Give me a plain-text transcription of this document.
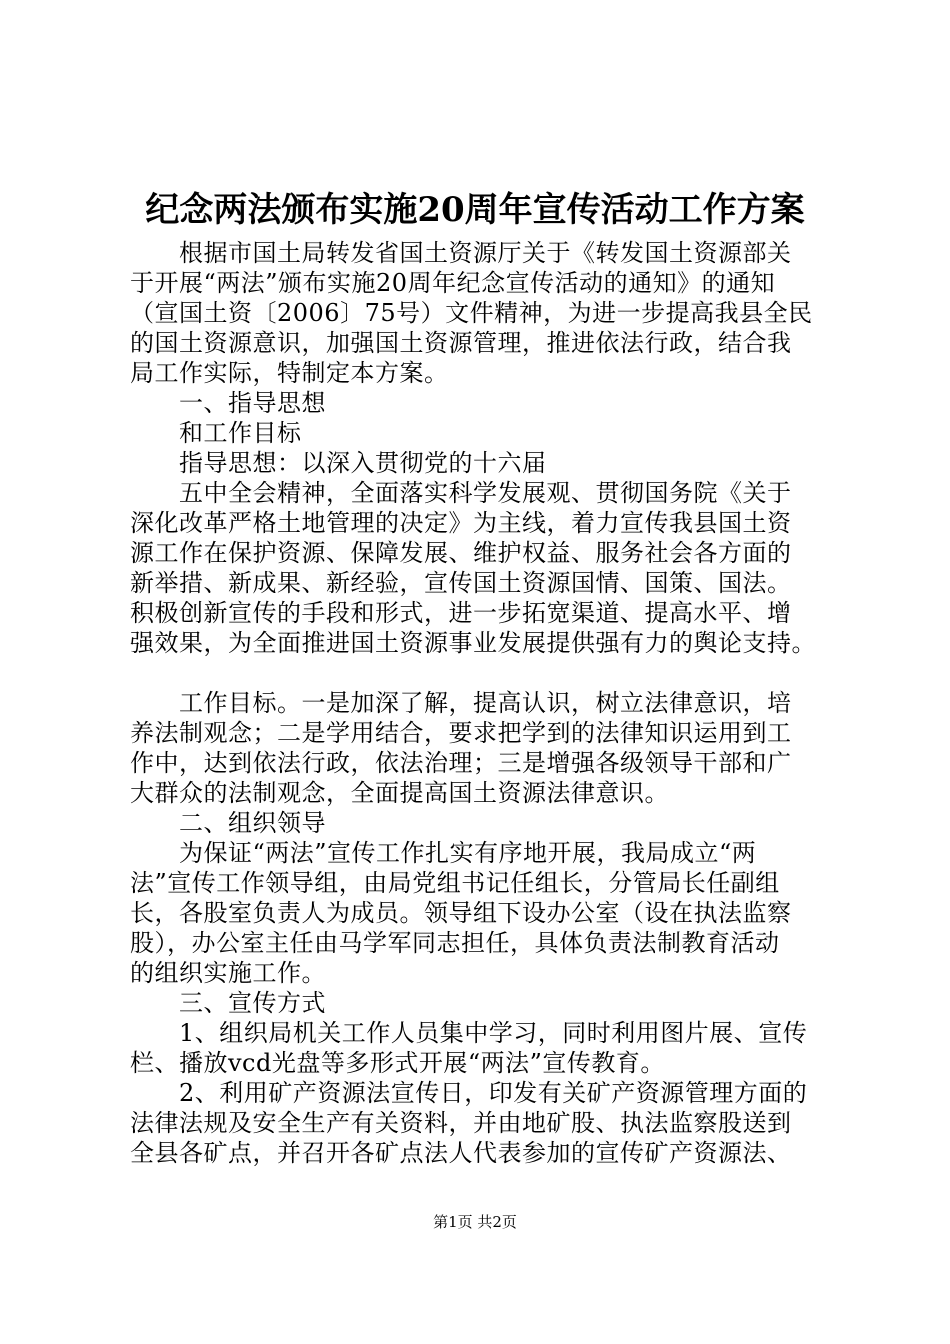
纪念两法颁布实施20周年宣传活动工作方案
　　根据市国土局转发省国土资源厅关于《转发国土资源部关
于开展“两法”颁布实施20周年纪念宣传活动的通知》的通知
（宣国土资〔2006〕75号）文件精神，为进一步提高我县全民
的国土资源意识，加强国土资源管理，推进依法行政，结合我
局工作实际，特制定本方案。
　　一、指导思想
　　和工作目标
　　指导思想：以深入贯彻党的十六届
　　五中全会精神，全面落实科学发展观、贯彻国务院《关于
深化改革严格土地管理的决定》为主线，着力宣传我县国土资
源工作在保护资源、保障发展、维护权益、服务社会各方面的
新举措、新成果、新经验，宣传国土资源国情、国策、国法。
积极创新宣传的手段和形式，进一步拓宽渠道、提高水平、增
强效果，为全面推进国土资源事业发展提供强有力的舆论支持。
　　工作目标。一是加深了解，提高认识，树立法律意识，培
养法制观念；二是学用结合，要求把学到的法律知识运用到工
作中，达到依法行政，依法治理；三是增强各级领导干部和广
大群众的法制观念，全面提高国土资源法律意识。
　　二、组织领导
　　为保证“两法”宣传工作扎实有序地开展，我局成立“两
法”宣传工作领导组，由局党组书记任组长，分管局长任副组
长，各股室负责人为成员。领导组下设办公室（设在执法监察
股），办公室主任由马学军同志担任，具体负责法制教育活动
的组织实施工作。
　　三、宣传方式
　　1、组织局机关工作人员集中学习，同时利用图片展、宣传
栏、播放vcd光盘等多形式开展“两法”宣传教育。
　　2、利用矿产资源法宣传日，印发有关矿产资源管理方面的
法律法规及安全生产有关资料，并由地矿股、执法监察股送到
全县各矿点，并召开各矿点法人代表参加的宣传矿产资源法、
第1页 共2页
